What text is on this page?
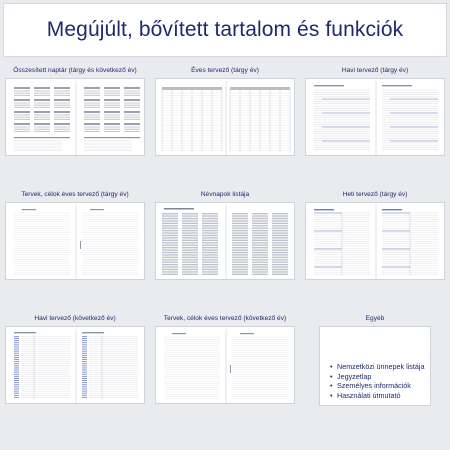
Megújúlt, bővített tartalom és funkciók
Összesített naptár (tárgy és következő év)	Éves tervező (tárgy év)	Havi tervező (tárgy év)
Tervek, célok éves tervező (tárgy év)	Névnapok listája	Heti tervező (tárgy év)
Havi tervező (következő év)	Tervek, célok éves tervező (következő év)	Egyéb
• Nemzetközi ünnepek listája
• Jegyzetlap
• Személyes információk
• Használati útmutató
